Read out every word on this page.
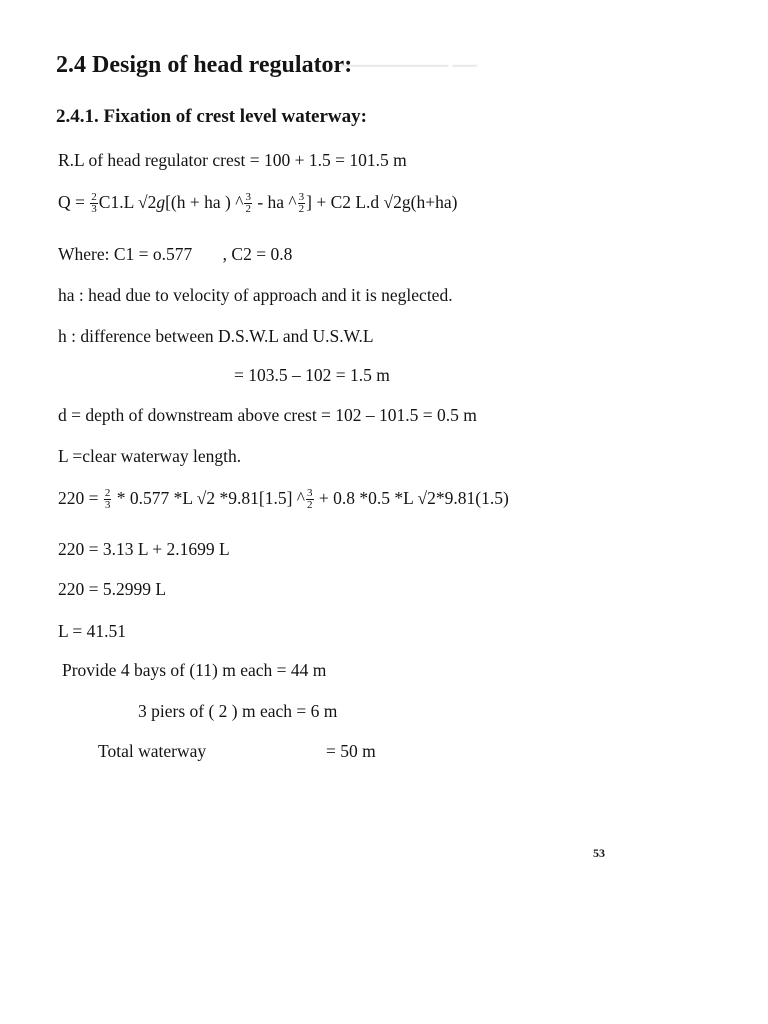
───────── ──
2.4 Design of head regulator:
2.4.1. Fixation of crest level waterway:
R.L of head regulator crest = 100 + 1.5 = 101.5 m
$Q = \frac{2}{3} C1.L$ √2g[(h + ha ) ^ $\frac{3}{2}$ - ha ^ $\frac{3}{2}$ ] + C2 L.d √2g(h+ha)
Where: C1 = o.577 , C2 = 0.8
ha : head due to velocity of approach and it is neglected.
h : difference between D.S.W.L and U.S.W.L
= 103.5 – 102 = 1.5 m
d = depth of downstream above crest = 102 – 101.5 = 0.5 m
L =clear waterway length.
$220 = \frac{2}{3} * 0.577$ *L √2 *9.81[1.5] ^ $\frac{3}{2} + 0.8$ *0.5 *L √2*9.81(1.5)
220 = 3.13 L + 2.1699 L
220 = 5.2999 L
L = 41.51
Provide 4 bays of (11) m each = 44 m
3 piers of ( 2 ) m each = 6 m
Total waterway	= 50 m
53
